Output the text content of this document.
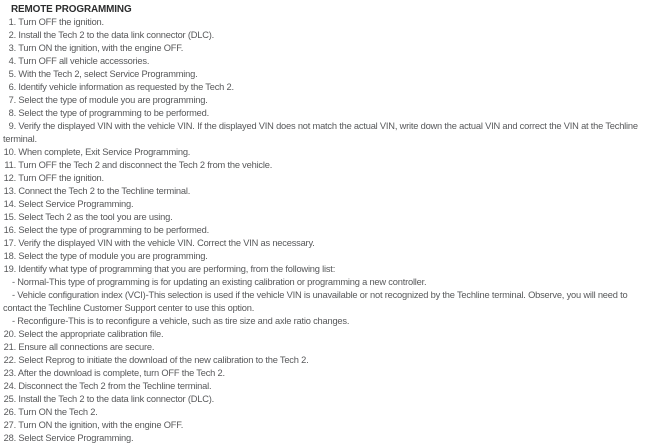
REMOTE PROGRAMMING
1. Turn OFF the ignition.
2. Install the Tech 2 to the data link connector (DLC).
3. Turn ON the ignition, with the engine OFF.
4. Turn OFF all vehicle accessories.
5. With the Tech 2, select Service Programming.
6. Identify vehicle information as requested by the Tech 2.
7. Select the type of module you are programming.
8. Select the type of programming to be performed.
9. Verify the displayed VIN with the vehicle VIN. If the displayed VIN does not match the actual VIN, write down the actual VIN and correct the VIN at the Techline terminal.
10. When complete, Exit Service Programming.
11. Turn OFF the Tech 2 and disconnect the Tech 2 from the vehicle.
12. Turn OFF the ignition.
13. Connect the Tech 2 to the Techline terminal.
14. Select Service Programming.
15. Select Tech 2 as the tool you are using.
16. Select the type of programming to be performed.
17. Verify the displayed VIN with the vehicle VIN. Correct the VIN as necessary.
18. Select the type of module you are programming.
19. Identify what type of programming that you are performing, from the following list:
- Normal-This type of programming is for updating an existing calibration or programming a new controller.
- Vehicle configuration index (VCI)-This selection is used if the vehicle VIN is unavailable or not recognized by the Techline terminal. Observe, you will need to contact the Techline Customer Support center to use this option.
- Reconfigure-This is to reconfigure a vehicle, such as tire size and axle ratio changes.
20. Select the appropriate calibration file.
21. Ensure all connections are secure.
22. Select Reprog to initiate the download of the new calibration to the Tech 2.
23. After the download is complete, turn OFF the Tech 2.
24. Disconnect the Tech 2 from the Techline terminal.
25. Install the Tech 2 to the data link connector (DLC).
26. Turn ON the Tech 2.
27. Turn ON the ignition, with the engine OFF.
28. Select Service Programming.
